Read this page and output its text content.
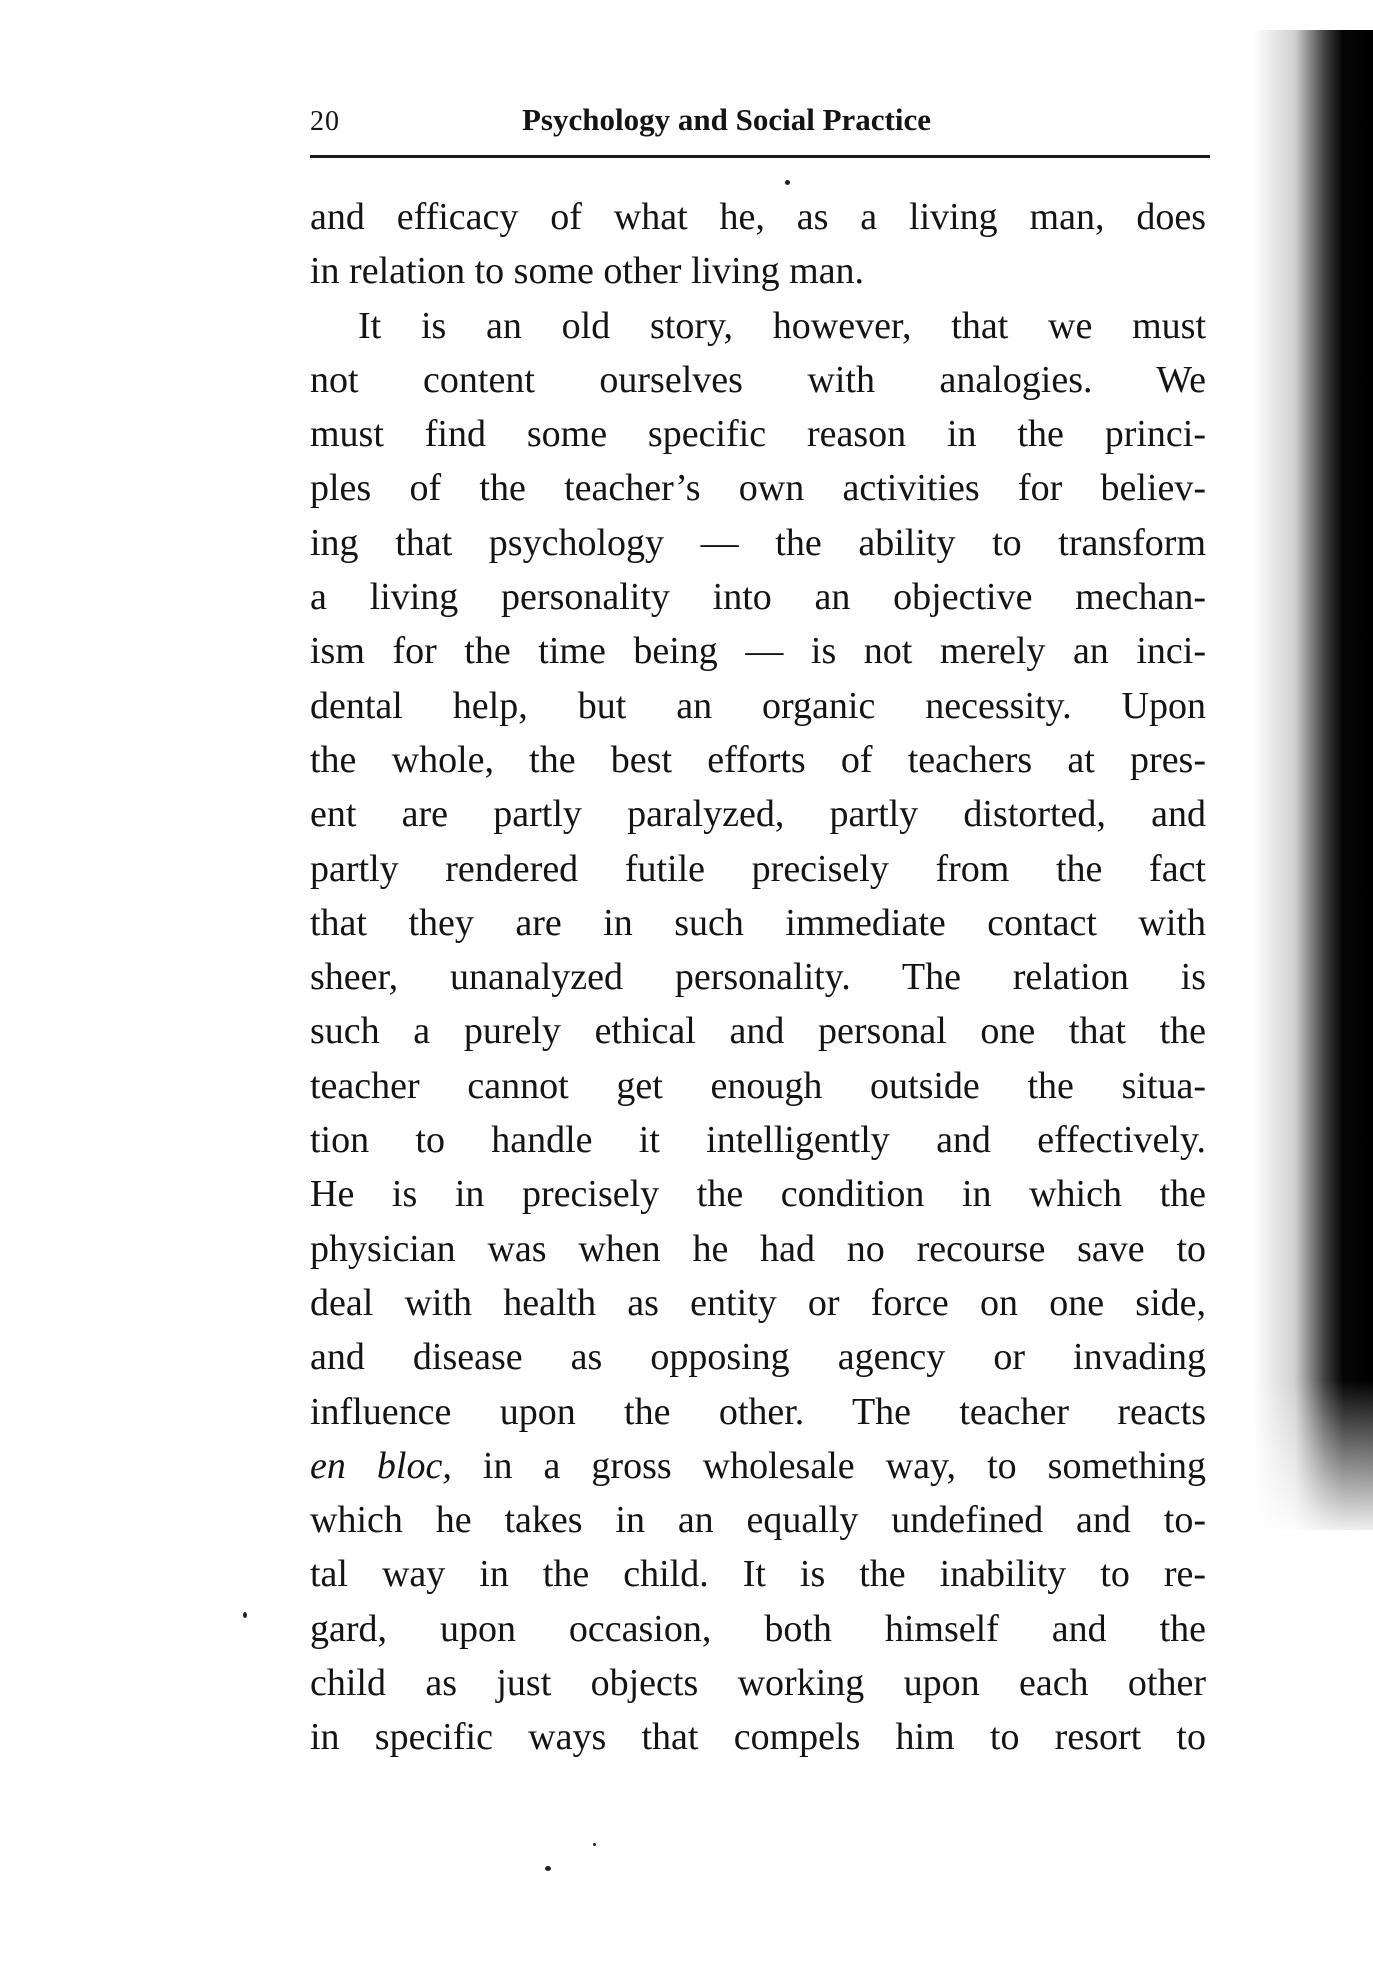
20	Psychology and Social Practice
and efficacy of what he, as a living man, does
in relation to some other living man.
It is an old story, however, that we must
not content ourselves with analogies. We
must find some specific reason in the princi-
ples of the teacher’s own activities for believ-
ing that psychology — the ability to transform
a living personality into an objective mechan-
ism for the time being — is not merely an inci-
dental help, but an organic necessity. Upon
the whole, the best efforts of teachers at pres-
ent are partly paralyzed, partly distorted, and
partly rendered futile precisely from the fact
that they are in such immediate contact with
sheer, unanalyzed personality. The relation is
such a purely ethical and personal one that the
teacher cannot get enough outside the situa-
tion to handle it intelligently and effectively.
He is in precisely the condition in which the
physician was when he had no recourse save to
deal with health as entity or force on one side,
and disease as opposing agency or invading
influence upon the other. The teacher reacts
en bloc, in a gross wholesale way, to something
which he takes in an equally undefined and to-
tal way in the child. It is the inability to re-
gard, upon occasion, both himself and the
child as just objects working upon each other
in specific ways that compels him to resort to
